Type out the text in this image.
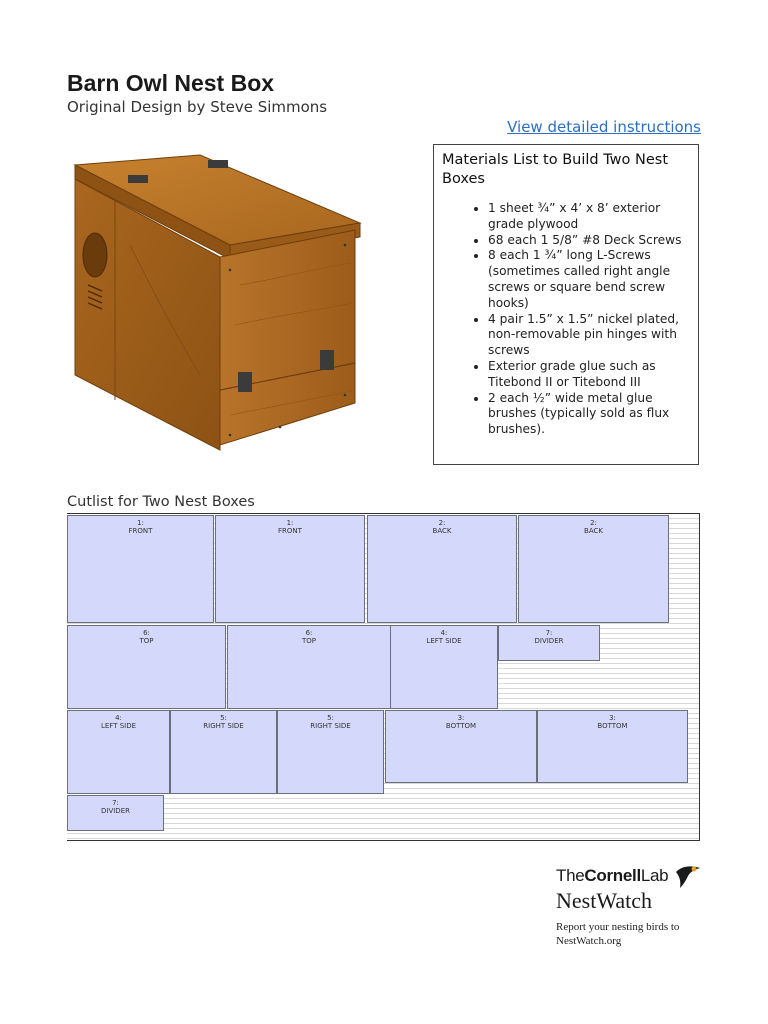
Barn Owl Nest Box
Original Design by Steve Simmons
View detailed instructions
Materials List to Build Two Nest Boxes
• 1 sheet ¾” x 4’ x 8’ exterior grade plywood
• 68 each 1 5/8” #8 Deck Screws
• 8 each 1 ¾” long L-Screws (sometimes called right angle screws or square bend screw hooks)
• 4 pair 1.5” x 1.5” nickel plated, non-removable pin hinges with screws
• Exterior grade glue such as Titebond II or Titebond III
• 2 each ½” wide metal glue brushes (typically sold as flux brushes).
Cutlist for Two Nest Boxes
1:
FRONT
1:
FRONT
2:
BACK
2:
BACK
6:
TOP
6:
TOP
4:
LEFT SIDE
7:
DIVIDER
4:
LEFT SIDE
5:
RIGHT SIDE
5:
RIGHT SIDE
3:
BOTTOM
3:
BOTTOM
7:
DIVIDER
TheCornellLab
NestWatch
Report your nesting birds to
NestWatch.org
